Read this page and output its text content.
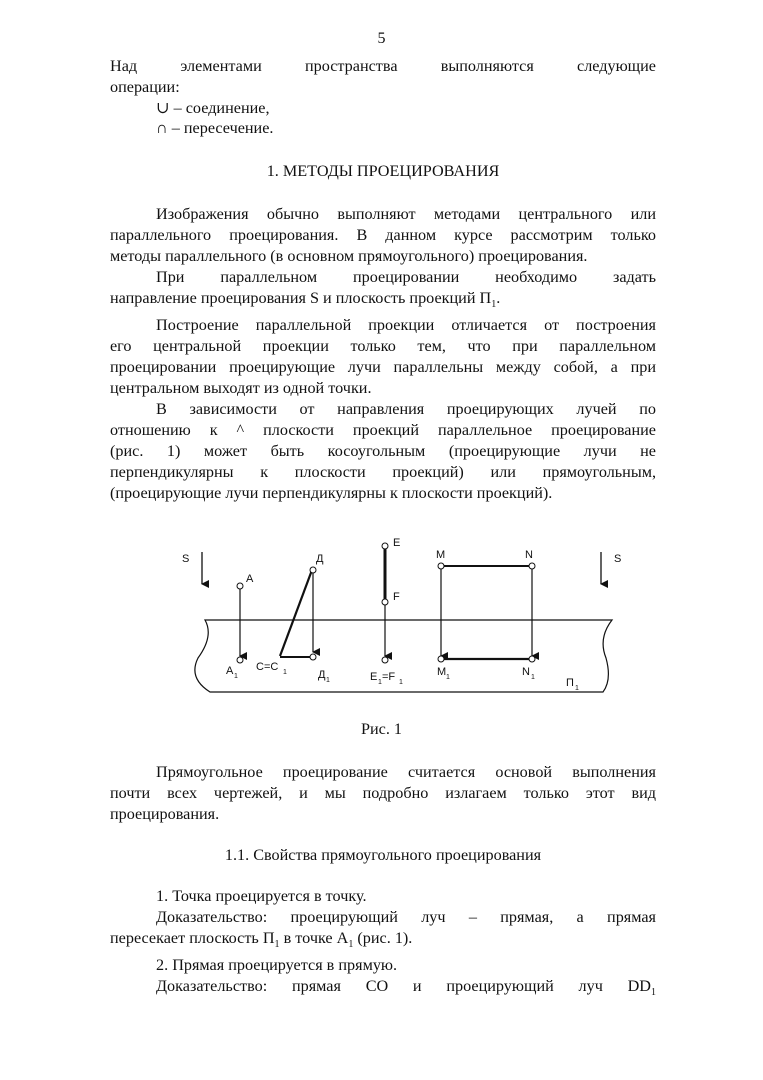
5
Над элементами пространства выполняются следующие
операции:
∪ – соединение,
∩ – пересечение.
1. МЕТОДЫ ПРОЕЦИРОВАНИЯ
Изображения обычно выполняют методами центрального или
параллельного проецирования. В данном курсе рассмотрим только
методы параллельного (в основном прямоугольного) проецирования.
При параллельном проецировании необходимо задать
направление проецирования S и плоскость проекций $П_1$.
Построение параллельной проекции отличается от построения
его центральной проекции только тем, что при параллельном
проецировании проецирующие лучи параллельны между собой, а при
центральном выходят из одной точки.
В зависимости от направления проецирующих лучей по
отношению к ^ плоскости проекций параллельное проецирование
(рис. 1) может быть косоугольным (проецирующие лучи не
перпендикулярны к плоскости проекций) или прямоугольным,
(проецирующие лучи перпендикулярны к плоскости проекций).
S	S
A
A 1
Д
C=C 1	Д 1
E
F
E 1 =F 1
M	N
M 1	N 1	П 1
Рис. 1
Прямоугольное проецирование считается основой выполнения
почти всех чертежей, и мы подробно излагаем только этот вид
проецирования.
1.1. Свойства прямоугольного проецирования
1. Точка проецируется в точку.
Доказательство: проецирующий луч – прямая, а прямая
пересекает плоскость $П_1$ в точке $А_1$ (рис. 1).
2. Прямая проецируется в прямую.
Доказательство: прямая СО и проецирующий луч $DD_1$
